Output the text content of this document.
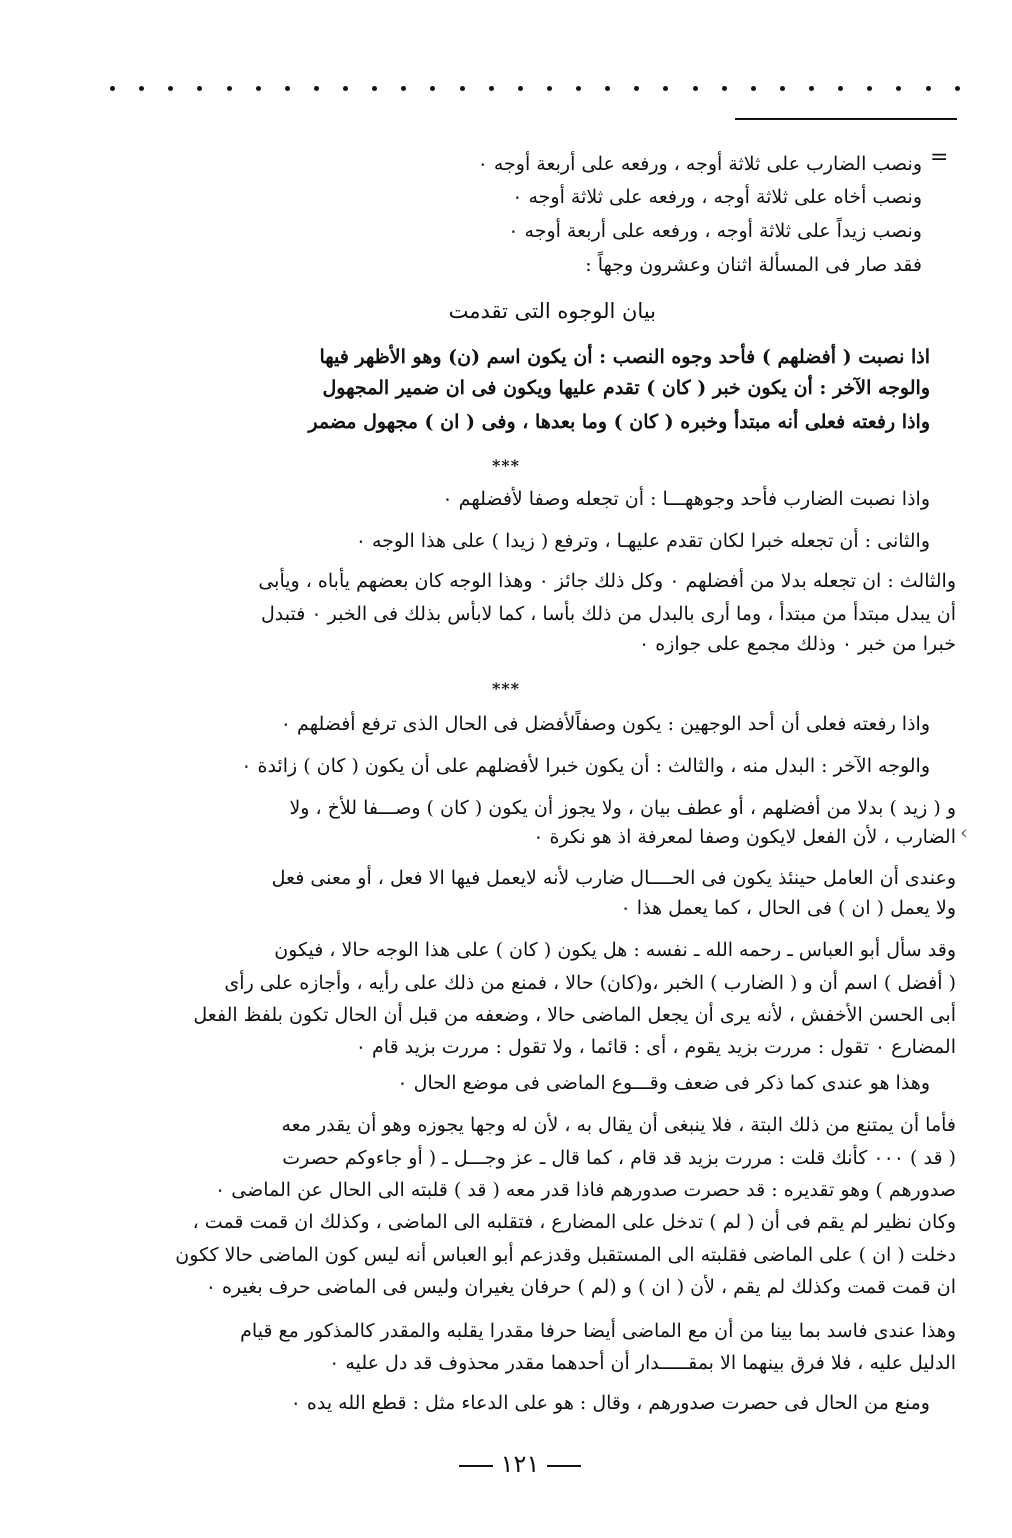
=
ونصب الضارب على ثلاثة أوجه ، ورفعه على أربعة أوجه ٠
ونصب أخاه على ثلاثة أوجه ، ورفعه على ثلاثة أوجه ٠
ونصب زيداً على ثلاثة أوجه ، ورفعه على أربعة أوجه ٠
فقد صار فى المسألة اثنان وعشرون وجهاً :
بيان الوجوه التى تقدمت
اذا نصبت ( أفضلهم ) فأحد وجوه النصب : أن يكون اسم (ن) وهو الأظهر فيها
والوجه الآخر : أن يكون خبر ( كان ) تقدم عليها ويكون فى ان ضمير المجهول
واذا رفعته فعلى أنه مبتدأ وخبره ( كان ) وما بعدها ، وفى ( ان ) مجهول مضمر
***
واذا نصبت الضارب فأحد وجوههـــا : أن تجعله وصفا لأفضلهم ٠
والثانى : أن تجعله خبرا لكان تقدم عليهـا ، وترفع ( زيدا ) على هذا الوجه ٠
والثالث : ان تجعله بدلا من أفضلهم ٠ وكل ذلك جائز ٠ وهذا الوجه كان بعضهم يأباه ، ويأبى
أن يبدل مبتدأ من مبتدأ ، وما أرى بالبدل من ذلك بأسا ، كما لابأس بذلك فى الخبر ٠ فتبدل
خبرا من خبر ٠ وذلك مجمع على جوازه ٠
***
واذا رفعته فعلى أن أحد الوجهين : يكون وصفاًلأفضل فى الحال الذى ترفع أفضلهم ٠
والوجه الآخر : البدل منه ، والثالث : أن يكون خبرا لأفضلهم على أن يكون ( كان ) زائدة ٠
و ( زيد ) بدلا من أفضلهم ، أو عطف بيان ، ولا يجوز أن يكون ( كان ) وصـــفا للأخ ، ولا
الضارب ، لأن الفعل لايكون وصفا لمعرفة اذ هو نكرة ٠ ‹
وعندى أن العامل حينئذ يكون فى الحــــال ضارب لأنه لايعمل فيها الا فعل ، أو معنى فعل
ولا يعمل ( ان ) فى الحال ، كما يعمل هذا ٠
وقد سأل أبو العباس ـ رحمه الله ـ نفسه : هل يكون ( كان ) على هذا الوجه حالا ، فيكون
( أفضل ) اسم أن و ( الضارب ) الخبر ،و(كان) حالا ، فمنع من ذلك على رأيه ، وأجازه على رأى
أبى الحسن الأخفش ، لأنه يرى أن يجعل الماضى حالا ، وضعفه من قبل أن الحال تكون بلفظ الفعل
المضارع ٠ تقول : مررت بزيد يقوم ، أى : قائما ، ولا تقول : مررت بزيد قام ٠
وهذا هو عندى كما ذكر فى ضعف وقـــوع الماضى فى موضع الحال ٠
فأما أن يمتنع من ذلك البتة ، فلا ينبغى أن يقال به ، لأن له وجها يجوزه وهو أن يقدر معه
( قد ) ٠٠٠ كأنك قلت : مررت بزيد قد قام ، كما قال ـ عز وجـــل ـ ( أو جاءوكم حصرت
صدورهم ) وهو تقديره : قد حصرت صدورهم فاذا قدر معه ( قد ) قلبته الى الحال عن الماضى ٠
وكان نظير لم يقم فى أن ( لم ) تدخل على المضارع ، فتقلبه الى الماضى ، وكذلك ان قمت قمت ،
دخلت ( ان ) على الماضى فقلبته الى المستقبل وقدزعم أبو العباس أنه ليس كون الماضى حالا ككون
ان قمت قمت وكذلك لم يقم ، لأن ( ان ) و (لم ) حرفان يغيران وليس فى الماضى حرف بغيره ٠
وهذا عندى فاسد بما بينا من أن مع الماضى أيضا حرفا مقدرا يقلبه والمقدر كالمذكور مع قيام
الدليل عليه ، فلا فرق بينهما الا بمقـــــدار أن أحدهما مقدر محذوف قد دل عليه ٠
ومنع من الحال فى حصرت صدورهم ، وقال : هو على الدعاء مثل : قطع الله يده ٠
١٢١
